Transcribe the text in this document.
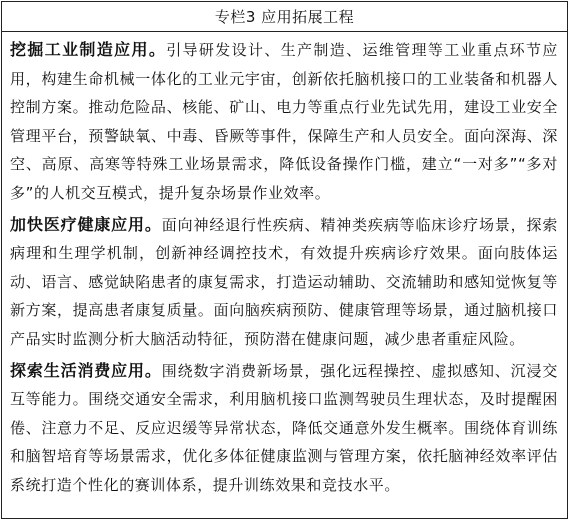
专栏3 应用拓展工程

挖掘工业制造应用。引导研发设计、生产制造、运维管理等工业重点环节应用，构建生命机械一体化的工业元宇宙，创新依托脑机接口的工业装备和机器人控制方案。推动危险品、核能、矿山、电力等重点行业先试先用，建设工业安全管理平台，预警缺氧、中毒、昏厥等事件，保障生产和人员安全。面向深海、深空、高原、高寒等特殊工业场景需求，降低设备操作门槛，建立“一对多”“多对多”的人机交互模式，提升复杂场景作业效率。

加快医疗健康应用。面向神经退行性疾病、精神类疾病等临床诊疗场景，探索病理和生理学机制，创新神经调控技术，有效提升疾病诊疗效果。面向肢体运动、语言、感觉缺陷患者的康复需求，打造运动辅助、交流辅助和感知觉恢复等新方案，提高患者康复质量。面向脑疾病预防、健康管理等场景，通过脑机接口产品实时监测分析大脑活动特征，预防潜在健康问题，减少患者重症风险。

探索生活消费应用。围绕数字消费新场景，强化远程操控、虚拟感知、沉浸交互等能力。围绕交通安全需求，利用脑机接口监测驾驶员生理状态，及时提醒困倦、注意力不足、反应迟缓等异常状态，降低交通意外发生概率。围绕体育训练和脑智培育等场景需求，优化多体征健康监测与管理方案，依托脑神经效率评估系统打造个性化的赛训体系，提升训练效果和竞技水平。
